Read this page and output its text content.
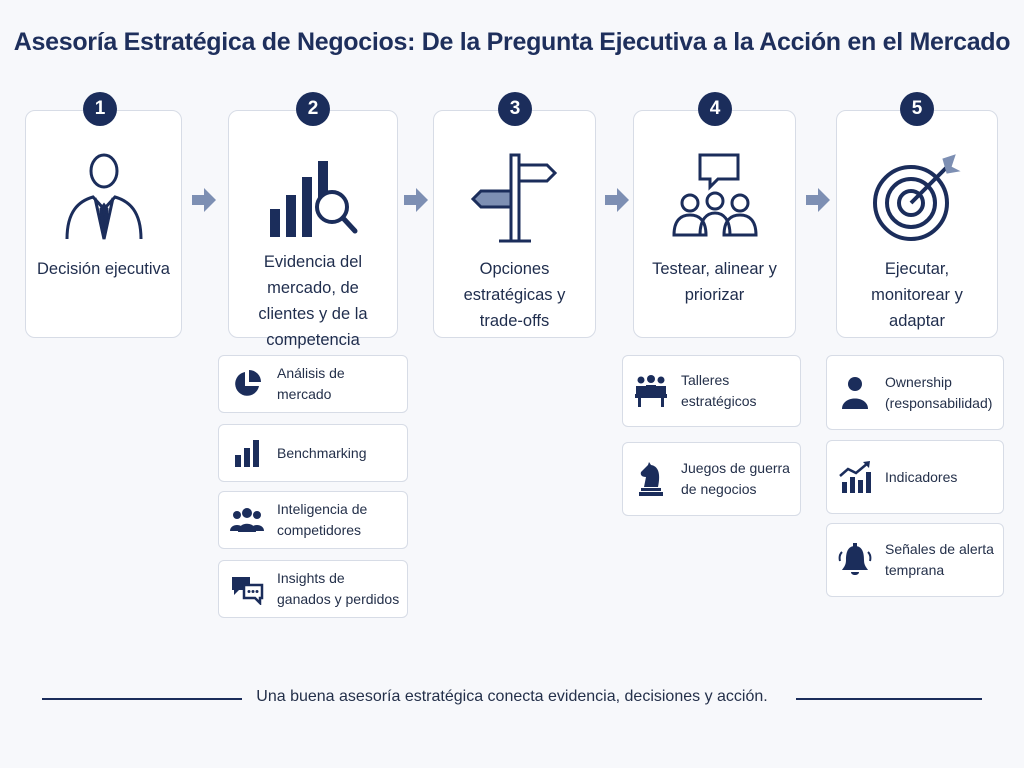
Asesoría Estratégica de Negocios: De la Pregunta Ejecutiva a la Acción en el Mercado
Decisión ejecutiva
1
Evidencia del mercado, de clientes y de la competencia
2
Opciones estratégicas y trade-offs
3
Testear, alinear y priorizar
4
Ejecutar, monitorear y adaptar
5
Análisis de mercado
Benchmarking
Inteligencia de competidores
Insights de ganados y perdidos
Talleres estratégicos
Juegos de guerra de negocios
Ownership (responsabilidad)
Indicadores
Señales de alerta temprana
Una buena asesoría estratégica conecta evidencia, decisiones y acción.
